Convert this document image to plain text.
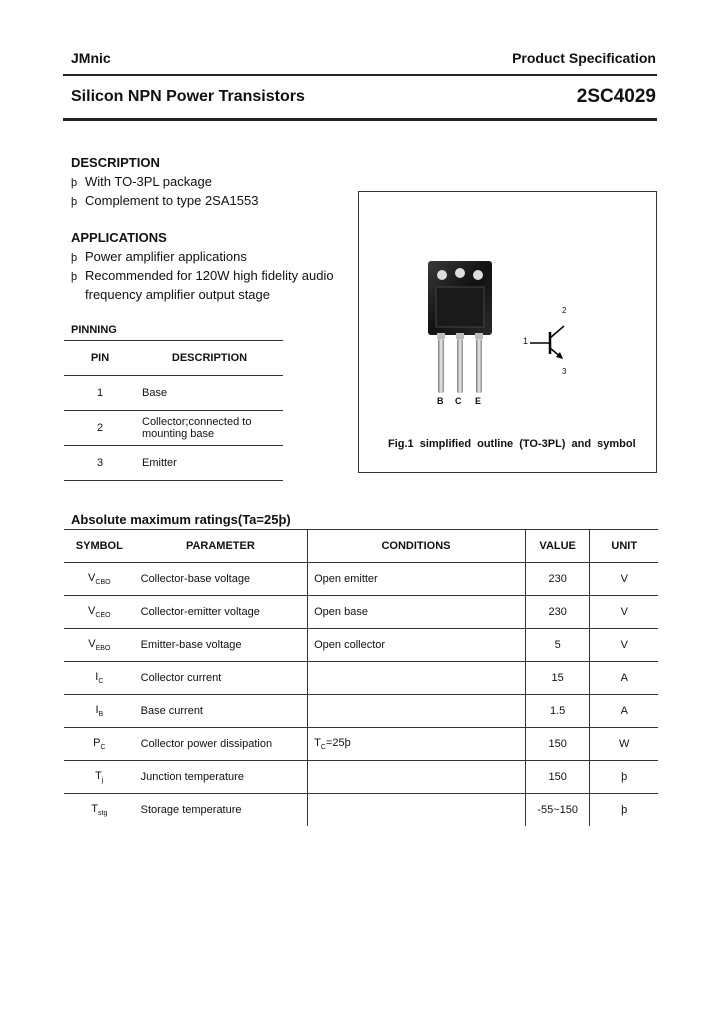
JMnic	Product Specification
Silicon NPN Power Transistors	2SC4029
DESCRIPTION
þ With TO-3PL package
þ Complement to type 2SA1553
APPLICATIONS
þ Power amplifier applications
þ Recommended for 120W high fidelity audio
frequency amplifier output stage
PINNING
PIN	DESCRIPTION
1	Base
2	Collector;connected to
mounting base

3	Emitter
B C E
1
2
3
Fig.1 simplified outline (TO-3PL) and symbol
Absolute maximum ratings(Ta=25þ)
SYMBOL	PARAMETER	CONDITIONS	VALUE	UNIT
$V_{CBO}$	Collector-base voltage	Open emitter	230	V
$V_{CEO}$	Collector-emitter voltage	Open base	230	V
$V_{EBO}$	Emitter-base voltage	Open collector	5	V
$I_C$	Collector current		15	A
$I_B$	Base current		1.5	A
$P_C$	Collector power dissipation	$T_C=25þ$	150	W
$T_j$	Junction temperature		150	þ
$T_{stg}$	Storage temperature		-55~150	þ
